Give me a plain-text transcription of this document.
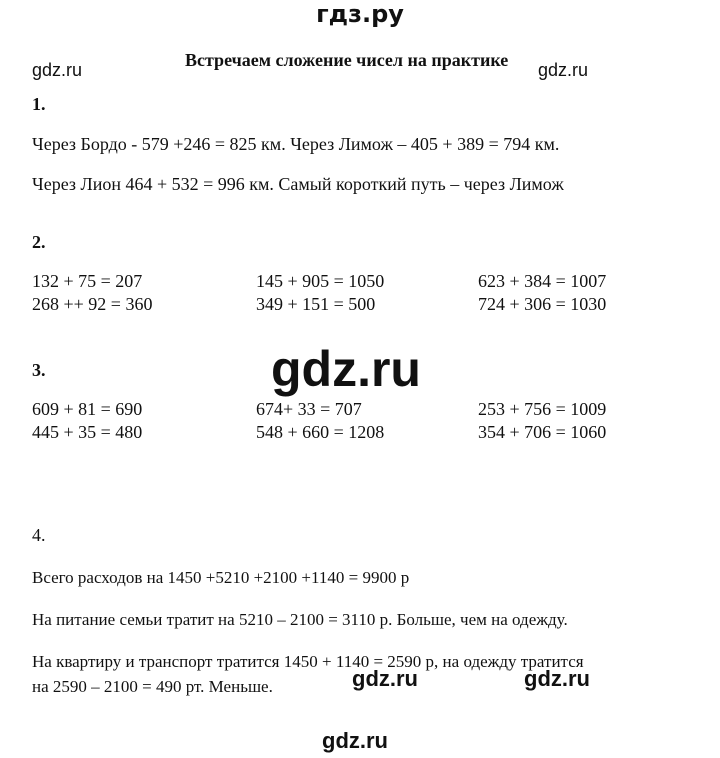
гдз.ру
Встречаем сложение чисел на практике
gdz.ru	gdz.ru
1.
Через Бордо - 579 +246 = 825 км. Через Лимож – 405 + 389 = 794 км.
Через Лион 464 + 532 = 996 км. Самый короткий путь – через Лимож
2.
132 + 75 = 207	145 + 905 = 1050	623 + 384 = 1007
268 ++ 92 = 360	349 + 151 = 500	724 + 306 = 1030
gdz.ru
3.
609 + 81 = 690	674+ 33 = 707	253 + 756 = 1009
445 + 35 = 480	548 + 660 = 1208	354 + 706 = 1060
4.
Всего расходов на 1450 +5210 +2100 +1140 = 9900 р
На питание семьи тратит на 5210 – 2100 = 3110 р. Больше, чем на одежду.
На квартиру и транспорт тратится 1450 + 1140 = 2590 р, на одежду тратится
на 2590 – 2100 = 490 рт. Меньше.	gdz.ru	gdz.ru
gdz.ru
